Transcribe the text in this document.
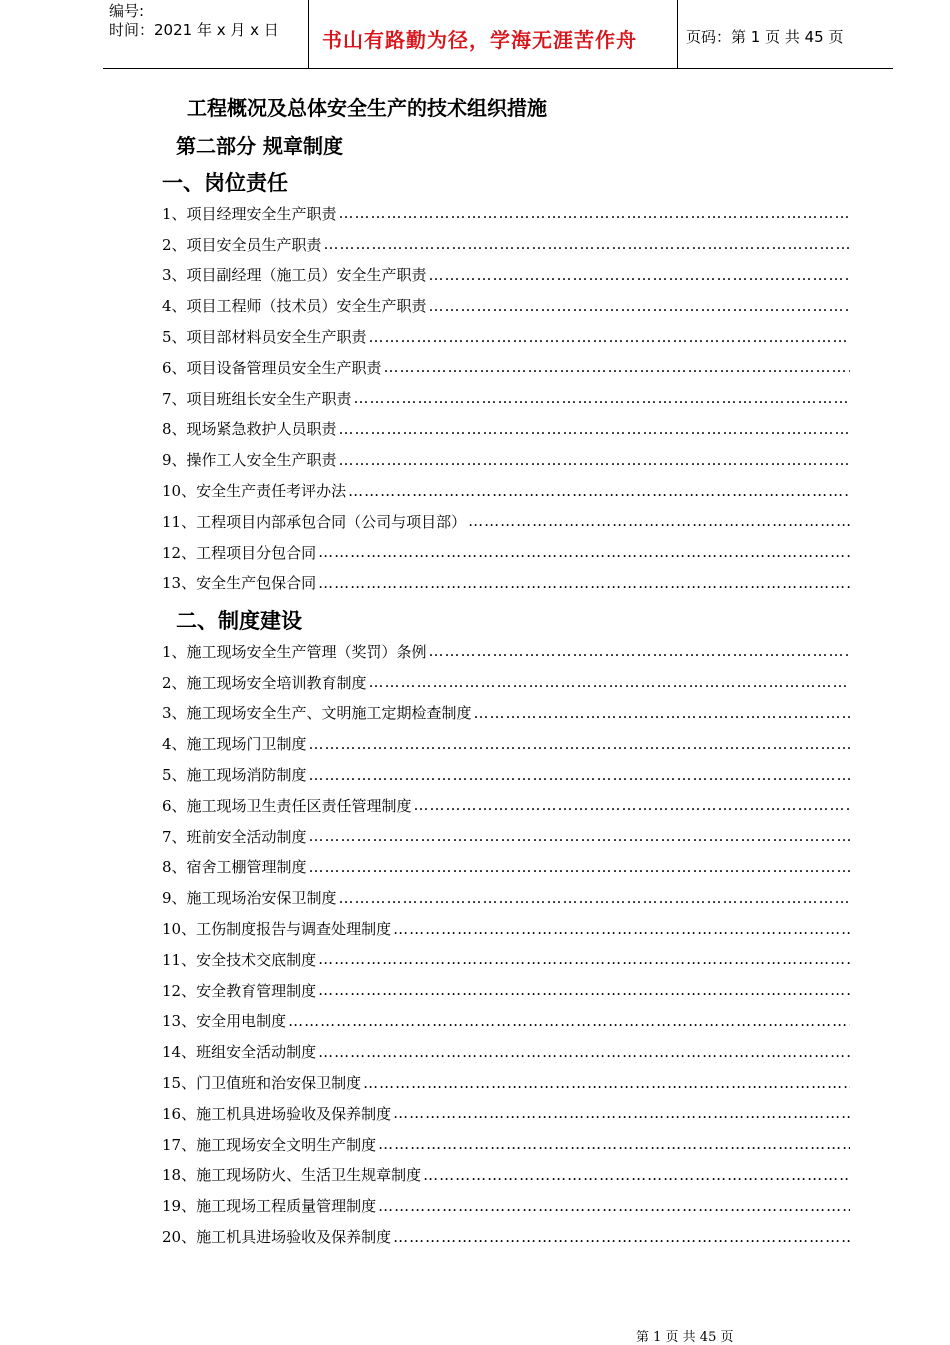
编号:
时间：2021 年 x 月 x 日 书山有路勤为径，学海无涯苦作舟	页码：第 1 页 共 45 页
工程概况及总体安全生产的技术组织措施
第二部分 规章制度
一、岗位责任
1、项目经理安全生产职责
……………………………………………………………………………………………………………………………………………………………
2、项目安全员生产职责
……………………………………………………………………………………………………………………………………………………………
3、项目副经理（施工员）安全生产职责
……………………………………………………………………………………………………………………………………………………………
4、项目工程师（技术员）安全生产职责
……………………………………………………………………………………………………………………………………………………………
5、项目部材料员安全生产职责
……………………………………………………………………………………………………………………………………………………………
6、项目设备管理员安全生产职责
……………………………………………………………………………………………………………………………………………………………
7、项目班组长安全生产职责
……………………………………………………………………………………………………………………………………………………………
8、现场紧急救护人员职责
……………………………………………………………………………………………………………………………………………………………
9、操作工人安全生产职责
……………………………………………………………………………………………………………………………………………………………
10、安全生产责任考评办法
……………………………………………………………………………………………………………………………………………………………
11、工程项目内部承包合同（公司与项目部）
……………………………………………………………………………………………………………………………………………………………
12、工程项目分包合同
……………………………………………………………………………………………………………………………………………………………
13、安全生产包保合同
……………………………………………………………………………………………………………………………………………………………
二、制度建设
1、施工现场安全生产管理（奖罚）条例
……………………………………………………………………………………………………………………………………………………………
2、施工现场安全培训教育制度
……………………………………………………………………………………………………………………………………………………………
3、施工现场安全生产、文明施工定期检查制度
……………………………………………………………………………………………………………………………………………………………
4、施工现场门卫制度
……………………………………………………………………………………………………………………………………………………………
5、施工现场消防制度
……………………………………………………………………………………………………………………………………………………………
6、施工现场卫生责任区责任管理制度
……………………………………………………………………………………………………………………………………………………………
7、班前安全活动制度
……………………………………………………………………………………………………………………………………………………………
8、宿舍工棚管理制度
……………………………………………………………………………………………………………………………………………………………
9、施工现场治安保卫制度
……………………………………………………………………………………………………………………………………………………………
10、工伤制度报告与调查处理制度
……………………………………………………………………………………………………………………………………………………………
11、安全技术交底制度
……………………………………………………………………………………………………………………………………………………………
12、安全教育管理制度
……………………………………………………………………………………………………………………………………………………………
13、安全用电制度
……………………………………………………………………………………………………………………………………………………………
14、班组安全活动制度
……………………………………………………………………………………………………………………………………………………………
15、门卫值班和治安保卫制度
……………………………………………………………………………………………………………………………………………………………
16、施工机具进场验收及保养制度
……………………………………………………………………………………………………………………………………………………………
17、施工现场安全文明生产制度
……………………………………………………………………………………………………………………………………………………………
18、施工现场防火、生活卫生规章制度
……………………………………………………………………………………………………………………………………………………………
19、施工现场工程质量管理制度
……………………………………………………………………………………………………………………………………………………………
20、施工机具进场验收及保养制度
……………………………………………………………………………………………………………………………………………………………
第 1 页 共 45 页
